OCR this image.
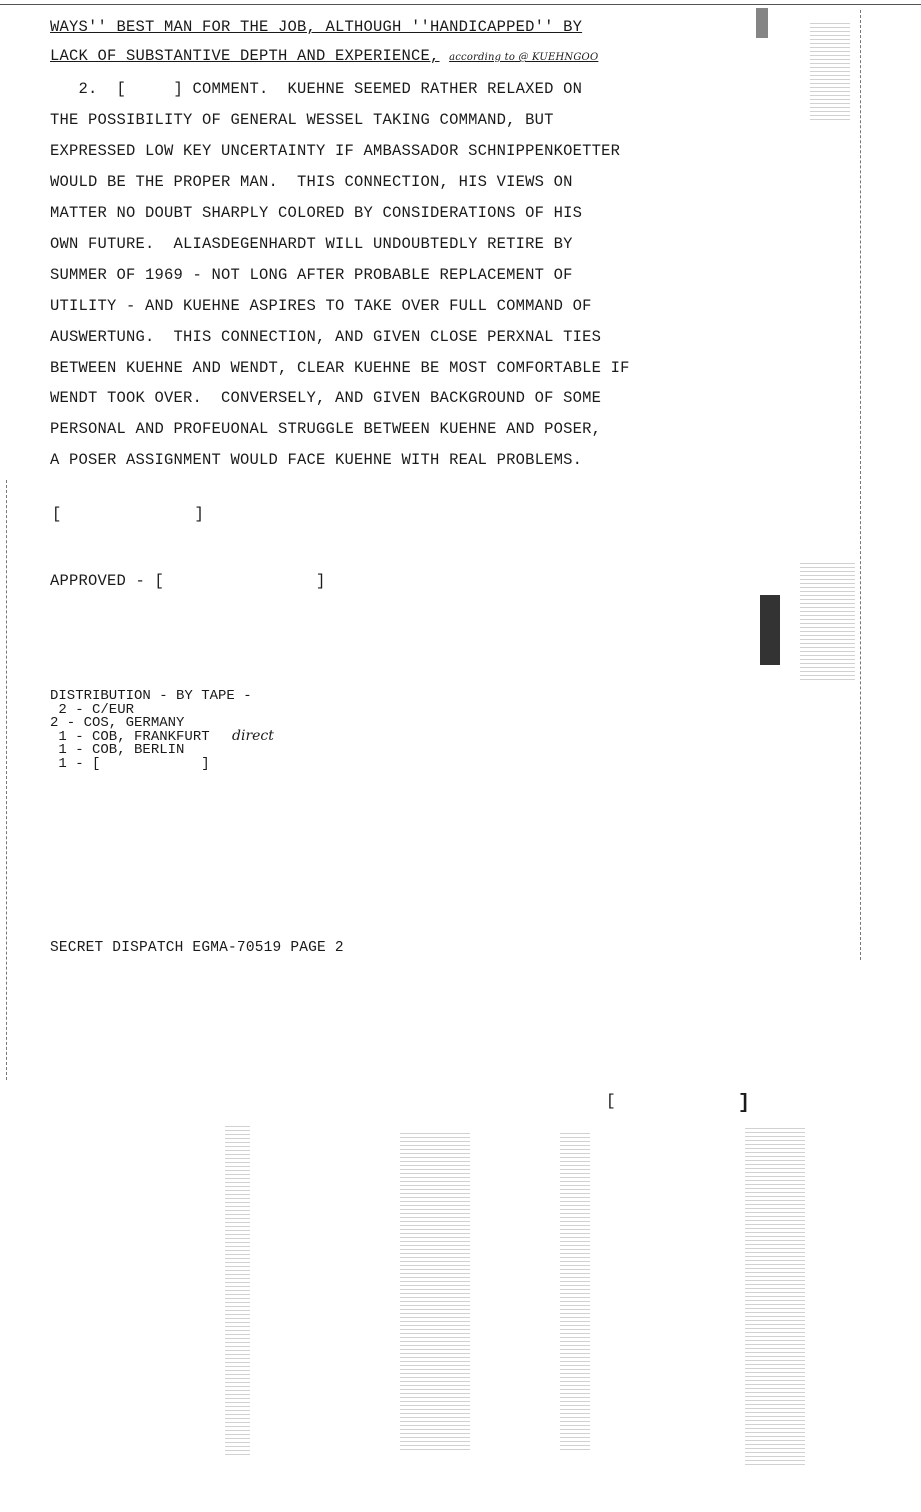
WAYS'' BEST MAN FOR THE JOB, ALTHOUGH ''HANDICAPPED'' BY
LACK OF SUBSTANTIVE DEPTH AND EXPERIENCE, according to @ KUEHNGOO
2.  [     ] COMMENT.  KUEHNE SEEMED RATHER RELAXED ON
THE POSSIBILITY OF GENERAL WESSEL TAKING COMMAND, BUT
EXPRESSED LOW KEY UNCERTAINTY IF AMBASSADOR SCHNIPPENKOETTER
WOULD BE THE PROPER MAN.  THIS CONNECTION, HIS VIEWS ON
MATTER NO DOUBT SHARPLY COLORED BY CONSIDERATIONS OF HIS
OWN FUTURE.  ALIASDEGENHARDT WILL UNDOUBTEDLY RETIRE BY
SUMMER OF 1969 - NOT LONG AFTER PROBABLE REPLACEMENT OF
UTILITY - AND KUEHNE ASPIRES TO TAKE OVER FULL COMMAND OF
AUSWERTUNG.  THIS CONNECTION, AND GIVEN CLOSE PERXNAL TIES
BETWEEN KUEHNE AND WENDT, CLEAR KUEHNE BE MOST COMFORTABLE IF
WENDT TOOK OVER.  CONVERSELY, AND GIVEN BACKGROUND OF SOME
PERSONAL AND PROFEUONAL STRUGGLE BETWEEN KUEHNE AND POSER,
A POSER ASSIGNMENT WOULD FACE KUEHNE WITH REAL PROBLEMS.
[              ]
APPROVED - [                ]
DISTRIBUTION - BY TAPE -
2 - C/EUR
2 - COS, GERMANY
1 - COB, FRANKFURT
1 - COB, BERLIN
1 - [            ]
direct
SECRET DISPATCH EGMA-70519 PAGE 2
[	]
